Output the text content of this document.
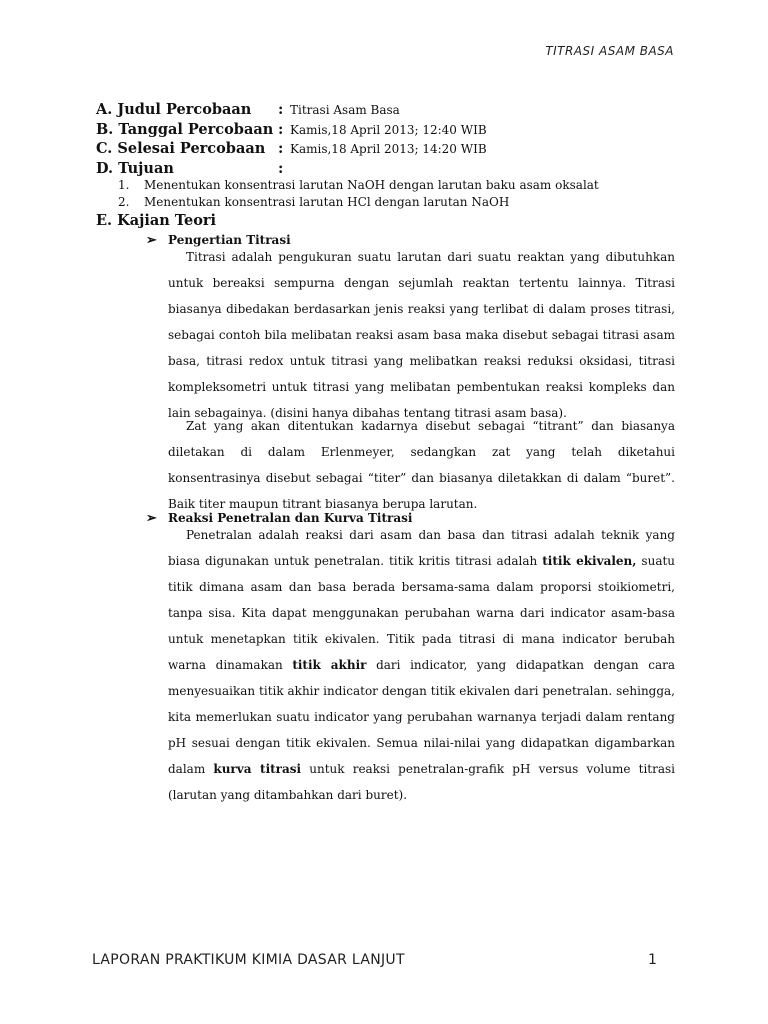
TITRASI ASAM BASA
A. Judul Percobaan : Titrasi Asam Basa
B. Tanggal Percobaan : Kamis,18 April 2013; 12:40 WIB
C. Selesai Percobaan : Kamis,18 April 2013; 14:20 WIB
D. Tujuan	:
1. Menentukan konsentrasi larutan NaOH dengan larutan baku asam oksalat
2. Menentukan konsentrasi larutan HCl dengan larutan NaOH
E. Kajian Teori
➢ Pengertian Titrasi

Titrasi adalah pengukuran suatu larutan dari suatu reaktan yang dibutuhkan untuk bereaksi sempurna dengan sejumlah reaktan tertentu lainnya. Titrasi biasanya dibedakan berdasarkan jenis reaksi yang terlibat di dalam proses titrasi, sebagai contoh bila melibatan reaksi asam basa maka disebut sebagai titrasi asam basa, titrasi redox untuk titrasi yang melibatkan reaksi reduksi oksidasi, titrasi kompleksometri untuk titrasi yang melibatan pembentukan reaksi kompleks dan lain sebagainya. (disini hanya dibahas tentang titrasi asam basa).

Zat yang akan ditentukan kadarnya disebut sebagai “titrant” dan biasanya diletakan di dalam Erlenmeyer, sedangkan zat yang telah diketahui konsentrasinya disebut sebagai “titer” dan biasanya diletakkan di dalam “buret”. Baik titer maupun titrant biasanya berupa larutan.

➢ Reaksi Penetralan dan Kurva Titrasi

Penetralan adalah reaksi dari asam dan basa dan titrasi adalah teknik yang biasa digunakan untuk penetralan. titik kritis titrasi adalah titik ekivalen, suatu titik dimana asam dan basa berada bersama-sama dalam proporsi stoikiometri, tanpa sisa. Kita dapat menggunakan perubahan warna dari indicator asam-basa untuk menetapkan titik ekivalen. Titik pada titrasi di mana indicator berubah warna dinamakan titik akhir dari indicator, yang didapatkan dengan cara menyesuaikan titik akhir indicator dengan titik ekivalen dari penetralan. sehingga, kita memerlukan suatu indicator yang perubahan warnanya terjadi dalam rentang pH sesuai dengan titik ekivalen. Semua nilai-nilai yang didapatkan digambarkan dalam kurva titrasi untuk reaksi penetralan-grafik pH versus volume titrasi (larutan yang ditambahkan dari buret).

LAPORAN PRAKTIKUM KIMIA DASAR LANJUT	1
